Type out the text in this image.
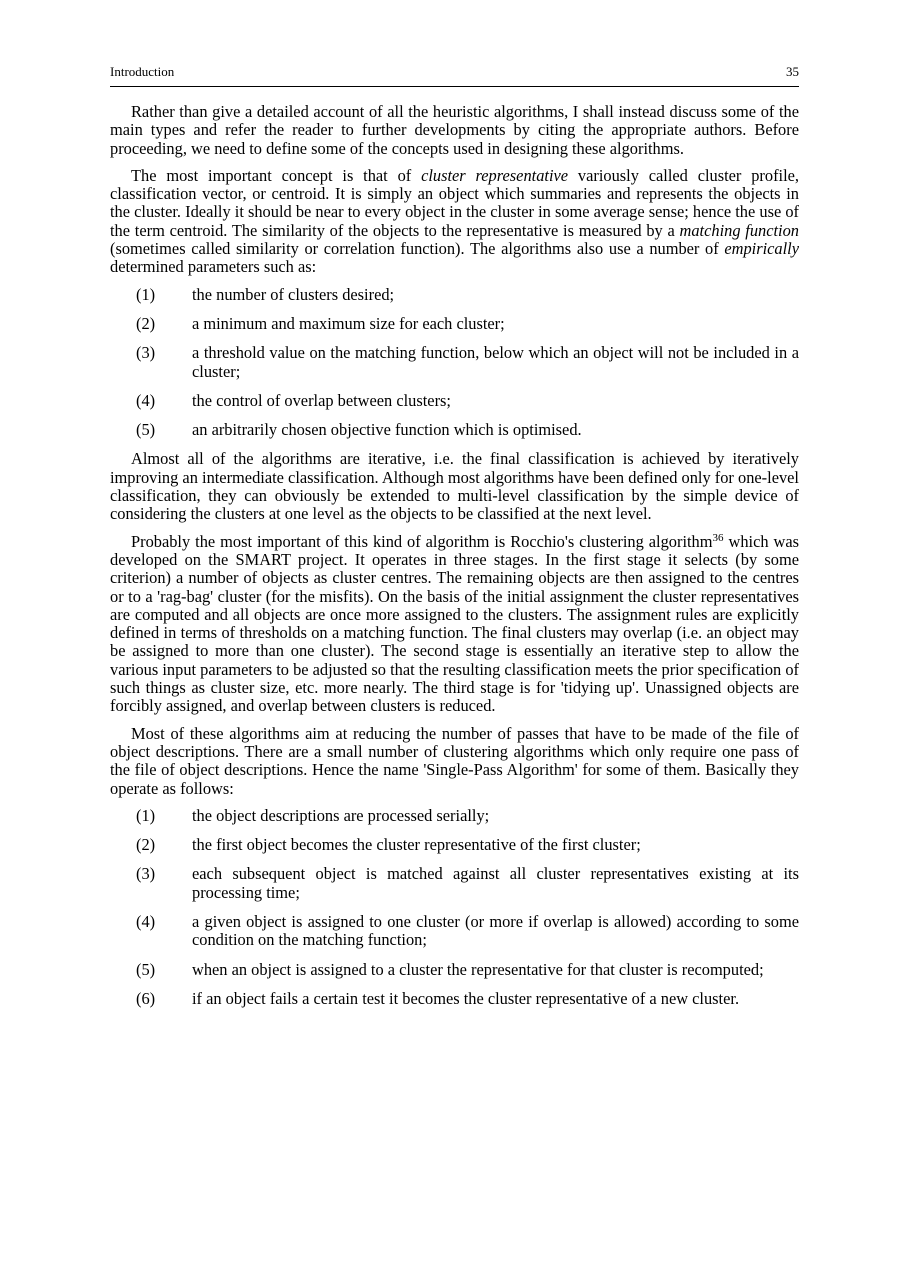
Introduction	35

Rather than give a detailed account of all the heuristic algorithms, I shall instead discuss some of the main types and refer the reader to further developments by citing the appropriate authors. Before proceeding, we need to define some of the concepts used in designing these algorithms.

The most important concept is that of cluster representative variously called cluster profile, classification vector, or centroid. It is simply an object which summaries and represents the objects in the cluster. Ideally it should be near to every object in the cluster in some average sense; hence the use of the term centroid. The similarity of the objects to the representative is measured by a matching function (sometimes called similarity or correlation function). The algorithms also use a number of empirically determined parameters such as:

(1)	the number of clusters desired;
(2)	a minimum and maximum size for each cluster;
(3)	a threshold value on the matching function, below which an object will not be included in a cluster;
(4)	the control of overlap between clusters;
(5)	an arbitrarily chosen objective function which is optimised.

Almost all of the algorithms are iterative, i.e. the final classification is achieved by iteratively improving an intermediate classification. Although most algorithms have been defined only for one-level classification, they can obviously be extended to multi-level classification by the simple device of considering the clusters at one level as the objects to be classified at the next level.

Probably the most important of this kind of algorithm is Rocchio's clustering algorithm$^{36}$ which was developed on the SMART project. It operates in three stages. In the first stage it selects (by some criterion) a number of objects as cluster centres. The remaining objects are then assigned to the centres or to a 'rag-bag' cluster (for the misfits). On the basis of the initial assignment the cluster representatives are computed and all objects are once more assigned to the clusters. The assignment rules are explicitly defined in terms of thresholds on a matching function. The final clusters may overlap (i.e. an object may be assigned to more than one cluster). The second stage is essentially an iterative step to allow the various input parameters to be adjusted so that the resulting classification meets the prior specification of such things as cluster size, etc. more nearly. The third stage is for 'tidying up'. Unassigned objects are forcibly assigned, and overlap between clusters is reduced.

Most of these algorithms aim at reducing the number of passes that have to be made of the file of object descriptions. There are a small number of clustering algorithms which only require one pass of the file of object descriptions. Hence the name 'Single-Pass Algorithm' for some of them. Basically they operate as follows:

(1)	the object descriptions are processed serially;
(2)	the first object becomes the cluster representative of the first cluster;
(3)	each subsequent object is matched against all cluster representatives existing at its processing time;
(4)	a given object is assigned to one cluster (or more if overlap is allowed) according to some condition on the matching function;
(5)	when an object is assigned to a cluster the representative for that cluster is recomputed;
(6)	if an object fails a certain test it becomes the cluster representative of a new cluster.
